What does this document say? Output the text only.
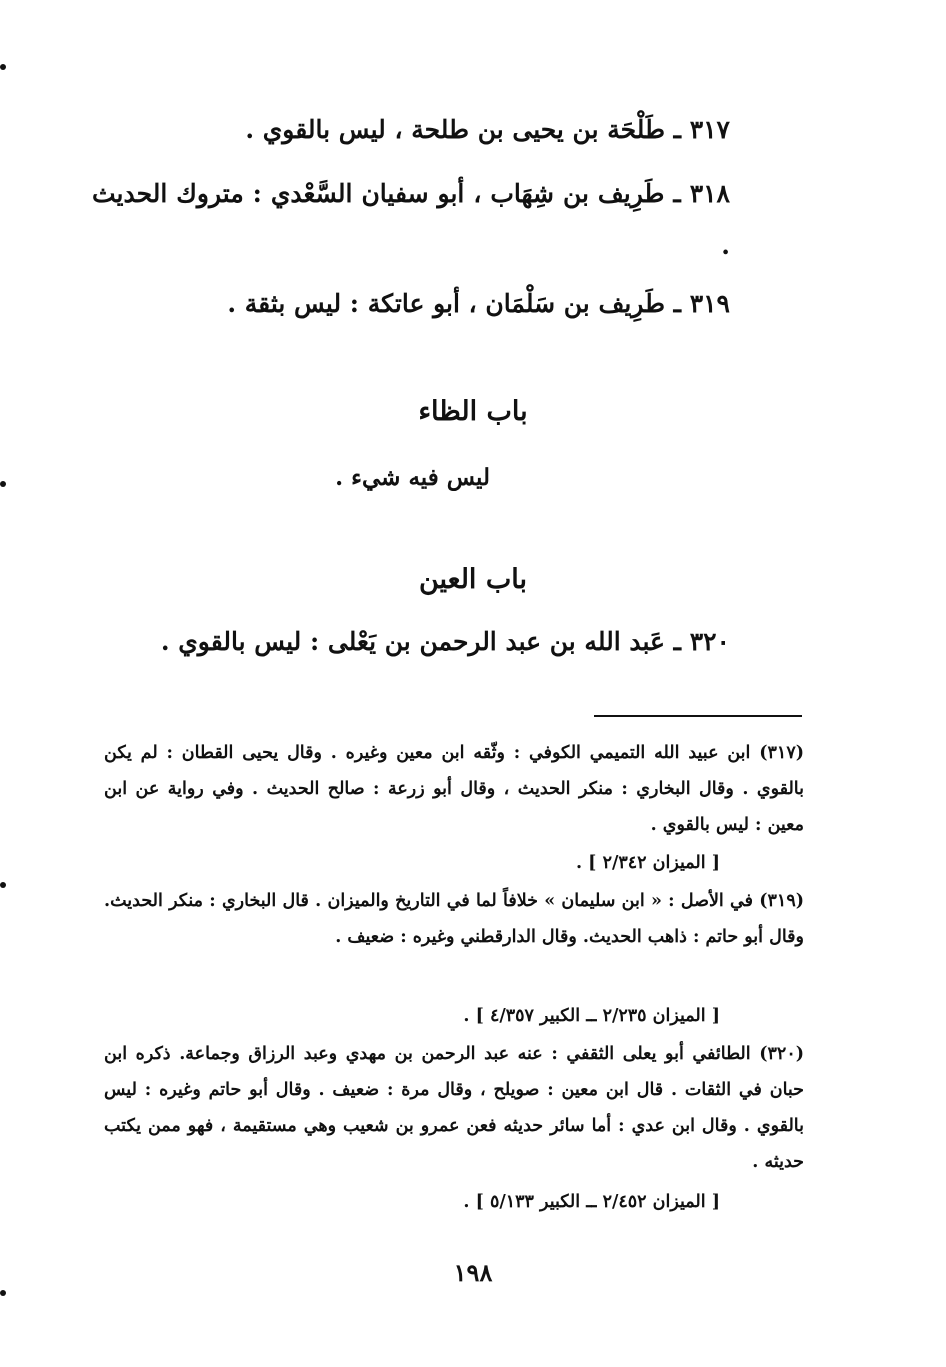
٣١٧ ـ طَلْحَة بن يحيى بن طلحة ، ليس بالقوي .
٣١٨ ـ طَرِيف بن شِهَاب ، أبو سفيان السَّعْدي : متروك الحديث .
٣١٩ ـ طَرِيف بن سَلْمَان ، أبو عاتكة : ليس بثقة .
باب الظاء
ليس فيه شيء .
باب العين
٣٢٠ ـ عَبد الله بن عبد الرحمن بن يَعْلى : ليس بالقوي .
(٣١٧) ابن عبيد الله التميمي الكوفي : وثّقه ابن معين وغيره . وقال يحيى القطان : لم يكن بالقوي . وقال البخاري : منكر الحديث ، وقال أبو زرعة : صالح الحديث . وفي رواية عن ابن معين : ليس بالقوي .
[ الميزان ٢/٣٤٢ ] .
(٣١٩) في الأصل : « ابن سليمان » خلافاً لما في التاريخ والميزان . قال البخاري : منكر الحديث. وقال أبو حاتم : ذاهب الحديث. وقال الدارقطني وغيره : ضعيف .
[ الميزان ٢/٢٣٥ ــ الكبير ٤/٣٥٧ ] .
(٣٢٠) الطائفي أبو يعلى الثقفي : عنه عبد الرحمن بن مهدي وعبد الرزاق وجماعة. ذكره ابن حبان في الثقات . قال ابن معين : صويلح ، وقال مرة : ضعيف . وقال أبو حاتم وغيره : ليس بالقوي . وقال ابن عدي : أما سائر حديثه فعن عمرو بن شعيب وهي مستقيمة ، فهو ممن يكتب حديثه .
[ الميزان ٢/٤٥٢ ــ الكبير ٥/١٣٣ ] .
١٩٨
